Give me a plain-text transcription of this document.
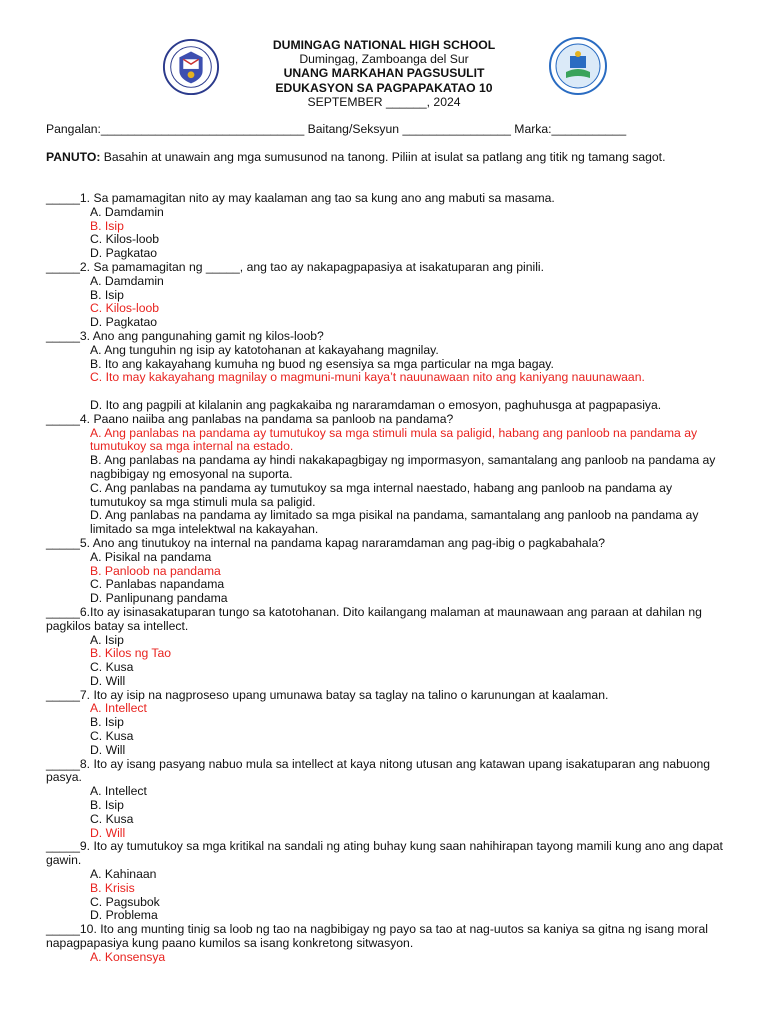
DUMINGAG NATIONAL HIGH SCHOOL
Dumingag, Zamboanga del Sur
UNANG MARKAHAN PAGSUSULIT
EDUKASYON SA PAGPAPAKATAO 10
SEPTEMBER ______, 2024
Pangalan:______________________________ Baitang/Seksyun ________________ Marka:___________
PANUTO: Basahin at unawain ang mga sumusunod na tanong. Piliin at isulat sa patlang ang titik ng tamang sagot.
_____1. Sa pamamagitan nito ay may kaalaman ang tao sa kung ano ang mabuti sa masama.
A. Damdamin
B. Isip
C. Kilos-loob
D. Pagkatao
_____2. Sa pamamagitan ng _____, ang tao ay nakapagpapasiya at isakatuparan ang pinili.
A. Damdamin
B. Isip
C. Kilos-loob
D. Pagkatao
_____3. Ano ang pangunahing gamit ng kilos-loob?
A. Ang tunguhin ng isip ay katotohanan at kakayahang magnilay.
B. Ito ang kakayahang kumuha ng buod ng esensiya sa mga particular na mga bagay.
C. Ito may kakayahang magnilay o magmuni-muni kaya’t nauunawaan nito ang kaniyang nauunawaan.
D. Ito ang pagpili at kilalanin ang pagkakaiba ng nararamdaman o emosyon, paghuhusga at pagpapasiya.
_____4. Paano naiiba ang panlabas na pandama sa panloob na pandama?
A. Ang panlabas na pandama ay tumutukoy sa mga stimuli mula sa paligid, habang ang panloob na pandama ay tumutukoy sa mga internal na estado.
B. Ang panlabas na pandama ay hindi nakakapagbigay ng impormasyon, samantalang ang panloob na pandama ay nagbibigay ng emosyonal na suporta.
C. Ang panlabas na pandama ay tumutukoy sa mga internal naestado, habang ang panloob na pandama ay tumutukoy sa mga stimuli mula sa paligid.
D. Ang panlabas na pandama ay limitado sa mga pisikal na pandama, samantalang ang panloob na pandama ay limitado sa mga intelektwal na kakayahan.
_____5. Ano ang tinutukoy na internal na pandama kapag nararamdaman ang pag-ibig o pagkabahala?
A. Pisikal na pandama
B. Panloob na pandama
C. Panlabas napandama
D. Panlipunang pandama
_____6.Ito ay isinasakatuparan tungo sa katotohanan. Dito kailangang malaman at maunawaan ang paraan at dahilan ng pagkilos batay sa intellect.
A. Isip
B. Kilos ng Tao
C. Kusa
D. Will
_____7. Ito ay isip na nagproseso upang umunawa batay sa taglay na talino o karunungan at kaalaman.
A. Intellect
B. Isip
C. Kusa
D. Will
_____8. Ito ay isang pasyang nabuo mula sa intellect at kaya nitong utusan ang katawan upang isakatuparan ang nabuong pasya.
A. Intellect
B. Isip
C. Kusa
D. Will
_____9. Ito ay tumutukoy sa mga kritikal na sandali ng ating buhay kung saan nahihirapan tayong mamili kung ano ang dapat gawin.
A. Kahinaan
B. Krisis
C. Pagsubok
D. Problema
_____10. Ito ang munting tinig sa loob ng tao na nagbibigay ng payo sa tao at nag-uutos sa kaniya sa gitna ng isang moral napagpapasiya kung paano kumilos sa isang konkretong sitwasyon.
A. Konsensya
